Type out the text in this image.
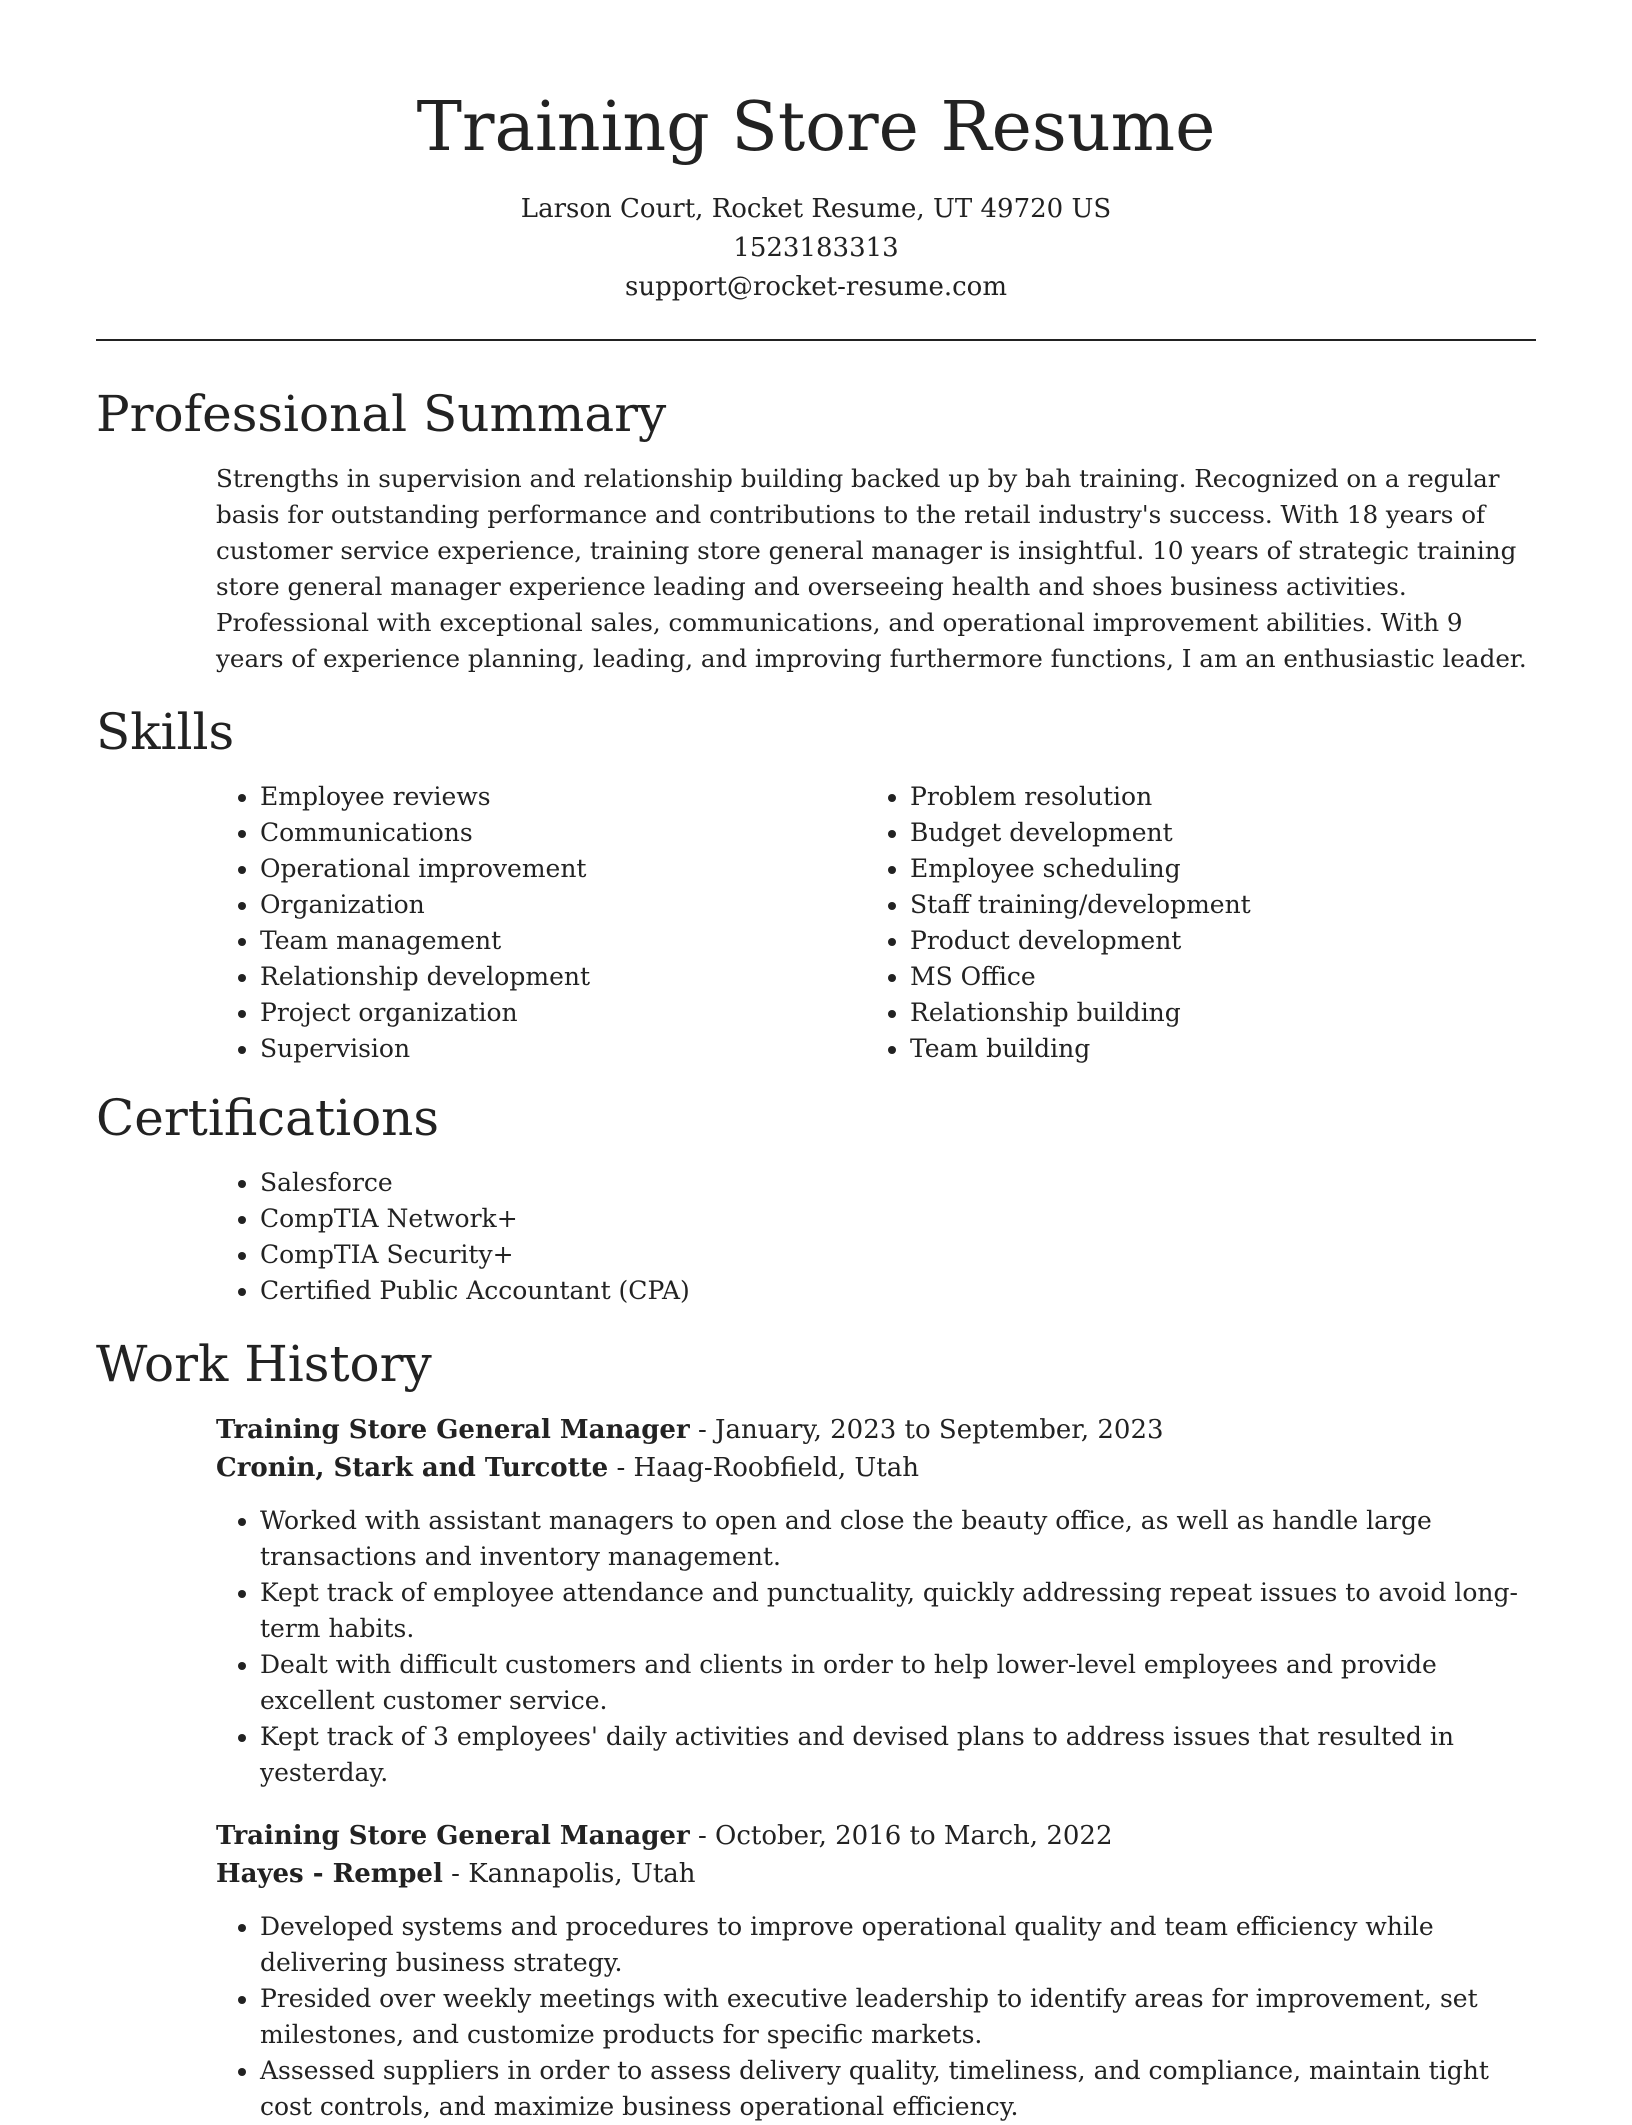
Training Store Resume
Larson Court, Rocket Resume, UT 49720 US
1523183313
support@rocket-resume.com
Professional Summary
Strengths in supervision and relationship building backed up by bah training. Recognized on a regular basis for outstanding performance and contributions to the retail industry's success. With 18 years of customer service experience, training store general manager is insightful. 10 years of strategic training store general manager experience leading and overseeing health and shoes business activities. Professional with exceptional sales, communications, and operational improvement abilities. With 9 years of experience planning, leading, and improving furthermore functions, I am an enthusiastic leader.
Skills
• Employee reviews
• Communications
• Operational improvement
• Organization
• Team management
• Relationship development
• Project organization
• Supervision
• Problem resolution
• Budget development
• Employee scheduling
• Staff training/development
• Product development
• MS Office
• Relationship building
• Team building
Certifications
• Salesforce
• CompTIA Network+
• CompTIA Security+
• Certified Public Accountant (CPA)
Work History
Training Store General Manager - January, 2023 to September, 2023
Cronin, Stark and Turcotte - Haag-Roobfield, Utah
• Worked with assistant managers to open and close the beauty office, as well as handle large transactions and inventory management.
• Kept track of employee attendance and punctuality, quickly addressing repeat issues to avoid long-term habits.
• Dealt with difficult customers and clients in order to help lower-level employees and provide excellent customer service.
• Kept track of 3 employees' daily activities and devised plans to address issues that resulted in yesterday.
Training Store General Manager - October, 2016 to March, 2022
Hayes - Rempel - Kannapolis, Utah
• Developed systems and procedures to improve operational quality and team efficiency while delivering business strategy.
• Presided over weekly meetings with executive leadership to identify areas for improvement, set milestones, and customize products for specific markets.
• Assessed suppliers in order to assess delivery quality, timeliness, and compliance, maintain tight cost controls, and maximize business operational efficiency.
